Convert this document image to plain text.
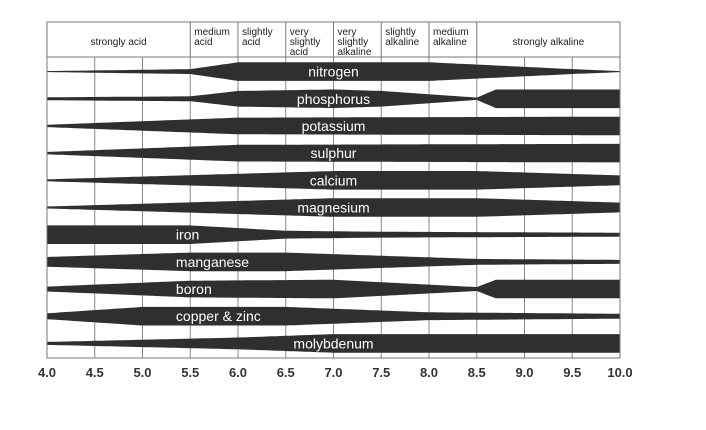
nitrogen
phosphorus
potassium
sulphur
calcium
magnesium
iron
manganese
boron
copper & zinc
molybdenum
strongly acid
medium
acid
slightly
acid
very
slightly
acid
very
slightly
alkaline
slightly
alkaline
medium
alkaline	strongly alkaline
4.0 4.5 5.0 5.5 6.0 6.5 7.0 7.5 8.0 8.5 9.0 9.5 10.0
